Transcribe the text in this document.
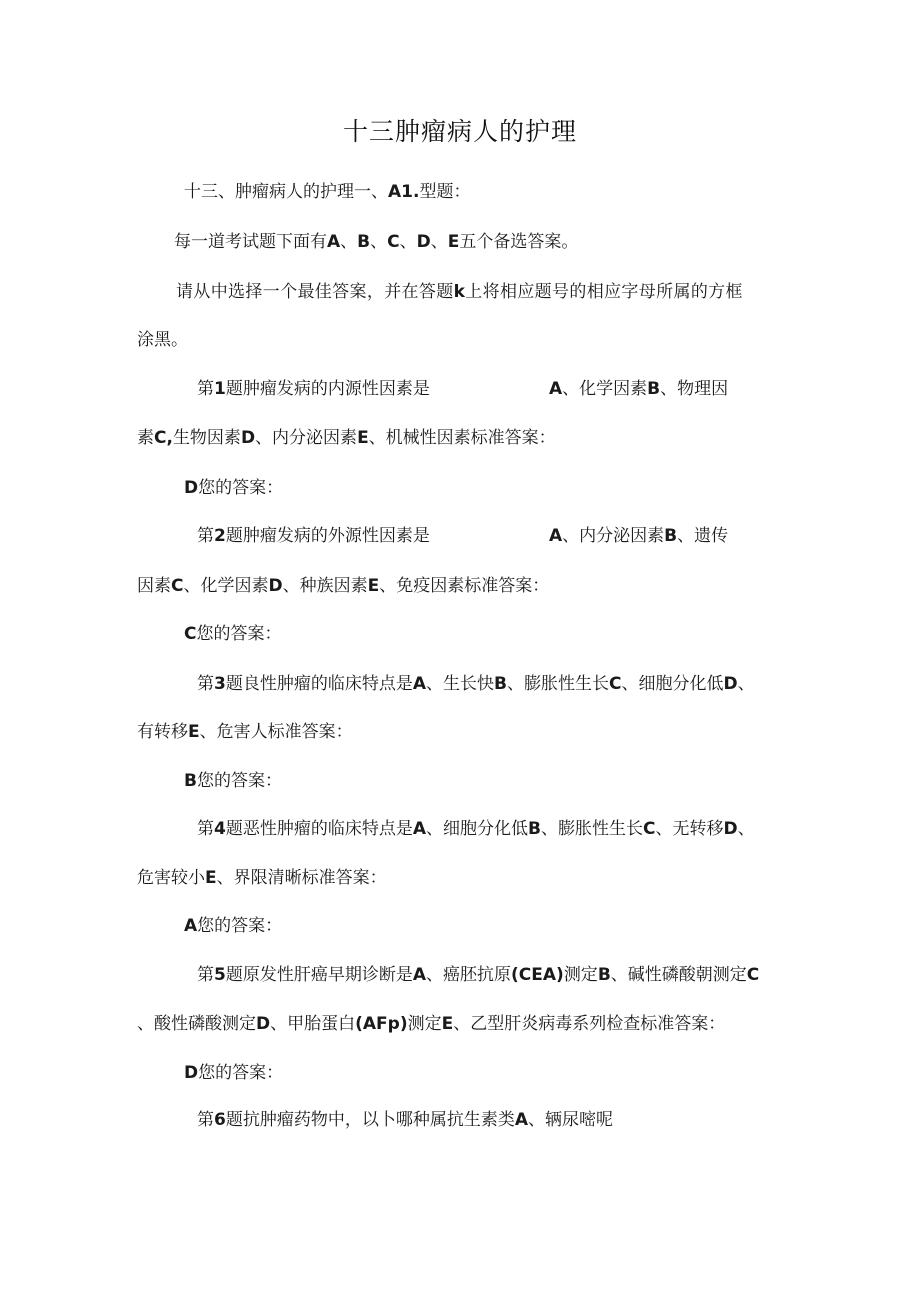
十三肿瘤病人的护理
十三、肿瘤病人的护理一、A1.型题：
每一道考试题下面有A、B、C、D、E五个备选答案。
请从中选择一个最佳答案，并在答题k上将相应题号的相应字母所属的方框
涂黑。
第1题肿瘤发病的内源性因素是	A、化学因素B、物理因
素C,生物因素D、内分泌因素E、机械性因素标准答案：
D您的答案：
第2题肿瘤发病的外源性因素是	A、内分泌因素B、遗传
因素C、化学因素D、种族因素E、免疫因素标准答案：
C您的答案：
第3题良性肿瘤的临床特点是A、生长快B、膨胀性生长C、细胞分化低D、
有转移E、危害人标准答案：
B您的答案：
第4题恶性肿瘤的临床特点是A、细胞分化低B、膨胀性生长C、无转移D、
危害较小E、界限清晰标准答案：
A您的答案：
第5题原发性肝癌早期诊断是A、癌胚抗原(CEA)测定B、碱性磷酸朝测定C
、酸性磷酸测定D、甲胎蛋白(AFp)测定E、乙型肝炎病毒系列检查标准答案：
D您的答案：
第6题抗肿瘤药物中，以卜哪种属抗生素类A、辆尿嘧呢
